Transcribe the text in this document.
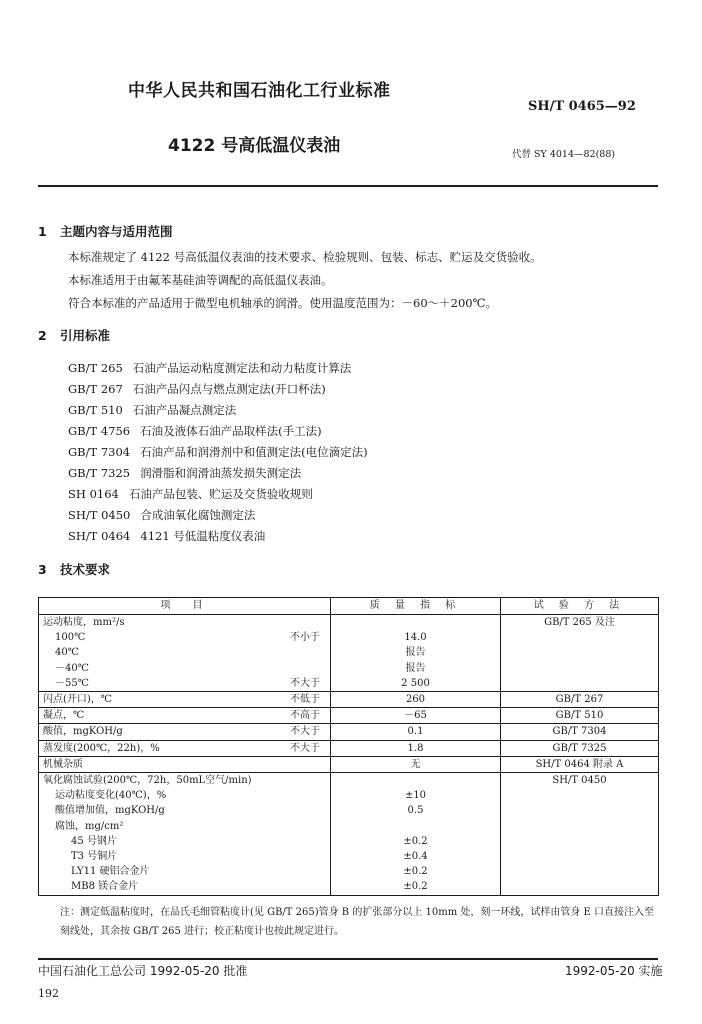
中华人民共和国石油化工行业标准
SH/T 0465—92
4122 号高低温仪表油	代替 SY 4014—82(88)
1 主题内容与适用范围
本标准规定了 4122 号高低温仪表油的技术要求、检验规则、包装、标志、贮运及交货验收。
本标准适用于由氟苯基硅油等调配的高低温仪表油。
符合本标准的产品适用于微型电机轴承的润滑。使用温度范围为：－60～＋200℃。
2 引用标准
GB/T 265 石油产品运动粘度测定法和动力粘度计算法
GB/T 267 石油产品闪点与燃点测定法(开口杯法)
GB/T 510 石油产品凝点测定法
GB/T 4756 石油及液体石油产品取样法(手工法)
GB/T 7304 石油产品和润滑剂中和值测定法(电位滴定法)
GB/T 7325 润滑脂和润滑油蒸发损失测定法
SH 0164 石油产品包装、贮运及交货验收规则
SH/T 0450 合成油氧化腐蚀测定法
SH/T 0464 4121 号低温粘度仪表油
3 技术要求
项　目	质 量 指 标	试 验 方 法

运动粘度，mm²/s		GB/T 265 及注

100℃ 不小于	14.0	

40℃	报告	

－40℃	报告	

－55℃ 不大于	2 500	

闪点(开口)，℃ 不低于	260	GB/T 267

凝点，℃ 不高于	－65	GB/T 510

酸值，mgKOH/g 不大于	0.1	GB/T 7304

蒸发度(200℃，22h)，% 不大于	1.8	GB/T 7325

机械杂质	无	SH/T 0464 附录 A

氧化腐蚀试验(200℃，72h，50mL空气/min)		SH/T 0450

运动粘度变化(40℃)，%	±10	

酸值增加值，mgKOH/g	0.5	

腐蚀，mg/cm²		

45 号钢片	±0.2	

T3 号铜片	±0.4	

LY11 硬铝合金片	±0.2	

MB8 镁合金片	±0.2	
注：测定低温粘度时，在品氏毛细管粘度计(见 GB/T 265)管身 B 的扩张部分以上 10mm 处，刻一环线，试样由管身 E 口直接注入至刻线处，其余按 GB/T 265 进行；校正粘度计也按此规定进行。
中国石油化工总公司 1992-05-20 批准	1992-05-20 实施
192
